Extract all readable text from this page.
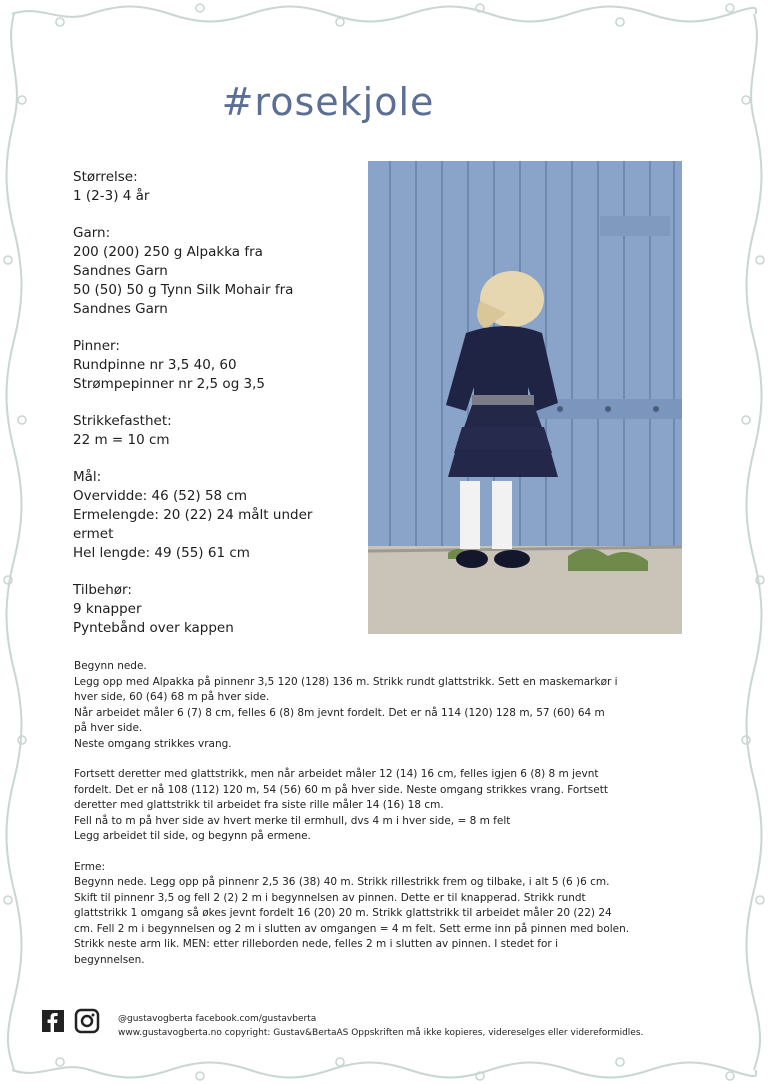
#rosekjole
Størrelse:
1 (2-3) 4 år
Garn:
200 (200) 250 g Alpakka fra
Sandnes Garn
50 (50) 50 g Tynn Silk Mohair fra
Sandnes Garn
Pinner:
Rundpinne nr 3,5 40, 60
Strømpepinner nr 2,5 og 3,5
Strikkefasthet:
22 m = 10 cm
Mål:
Overvidde: 46 (52) 58 cm
Ermelengde: 20 (22) 24 målt under
ermet
Hel lengde: 49 (55) 61 cm
Tilbehør:
9 knapper
Pyntebånd over kappen
Begynn nede.
Legg opp med Alpakka på pinnenr 3,5 120 (128) 136 m. Strikk rundt glattstrikk. Sett en maskemarkør i
hver side, 60 (64) 68 m på hver side.
Når arbeidet måler 6 (7) 8 cm, felles 6 (8) 8m jevnt fordelt. Det er nå 114 (120) 128 m, 57 (60) 64 m
på hver side.
Neste omgang strikkes vrang.
Fortsett deretter med glattstrikk, men når arbeidet måler 12 (14) 16 cm, felles igjen 6 (8) 8 m jevnt
fordelt. Det er nå 108 (112) 120 m, 54 (56) 60 m på hver side. Neste omgang strikkes vrang. Fortsett
deretter med glattstrikk til arbeidet fra siste rille måler 14 (16) 18 cm.
Fell nå to m på hver side av hvert merke til ermhull, dvs 4 m i hver side, = 8 m felt
Legg arbeidet til side, og begynn på ermene.
Erme:
Begynn nede. Legg opp på pinnenr 2,5 36 (38) 40 m. Strikk rillestrikk frem og tilbake, i alt 5 (6 )6 cm.
Skift til pinnenr 3,5 og fell 2 (2) 2 m i begynnelsen av pinnen. Dette er til knapperad. Strikk rundt
glattstrikk 1 omgang så økes jevnt fordelt 16 (20) 20 m. Strikk glattstrikk til arbeidet måler 20 (22) 24
cm. Fell 2 m i begynnelsen og 2 m i slutten av omgangen = 4 m felt. Sett erme inn på pinnen med bolen.
Strikk neste arm lik. MEN: etter rilleborden nede, felles 2 m i slutten av pinnen. I stedet for i
begynnelsen.
@gustavogberta facebook.com/gustavberta
www.gustavogberta.no copyright: Gustav&BertaAS Oppskriften må ikke kopieres, videreselges eller videreformidles.
